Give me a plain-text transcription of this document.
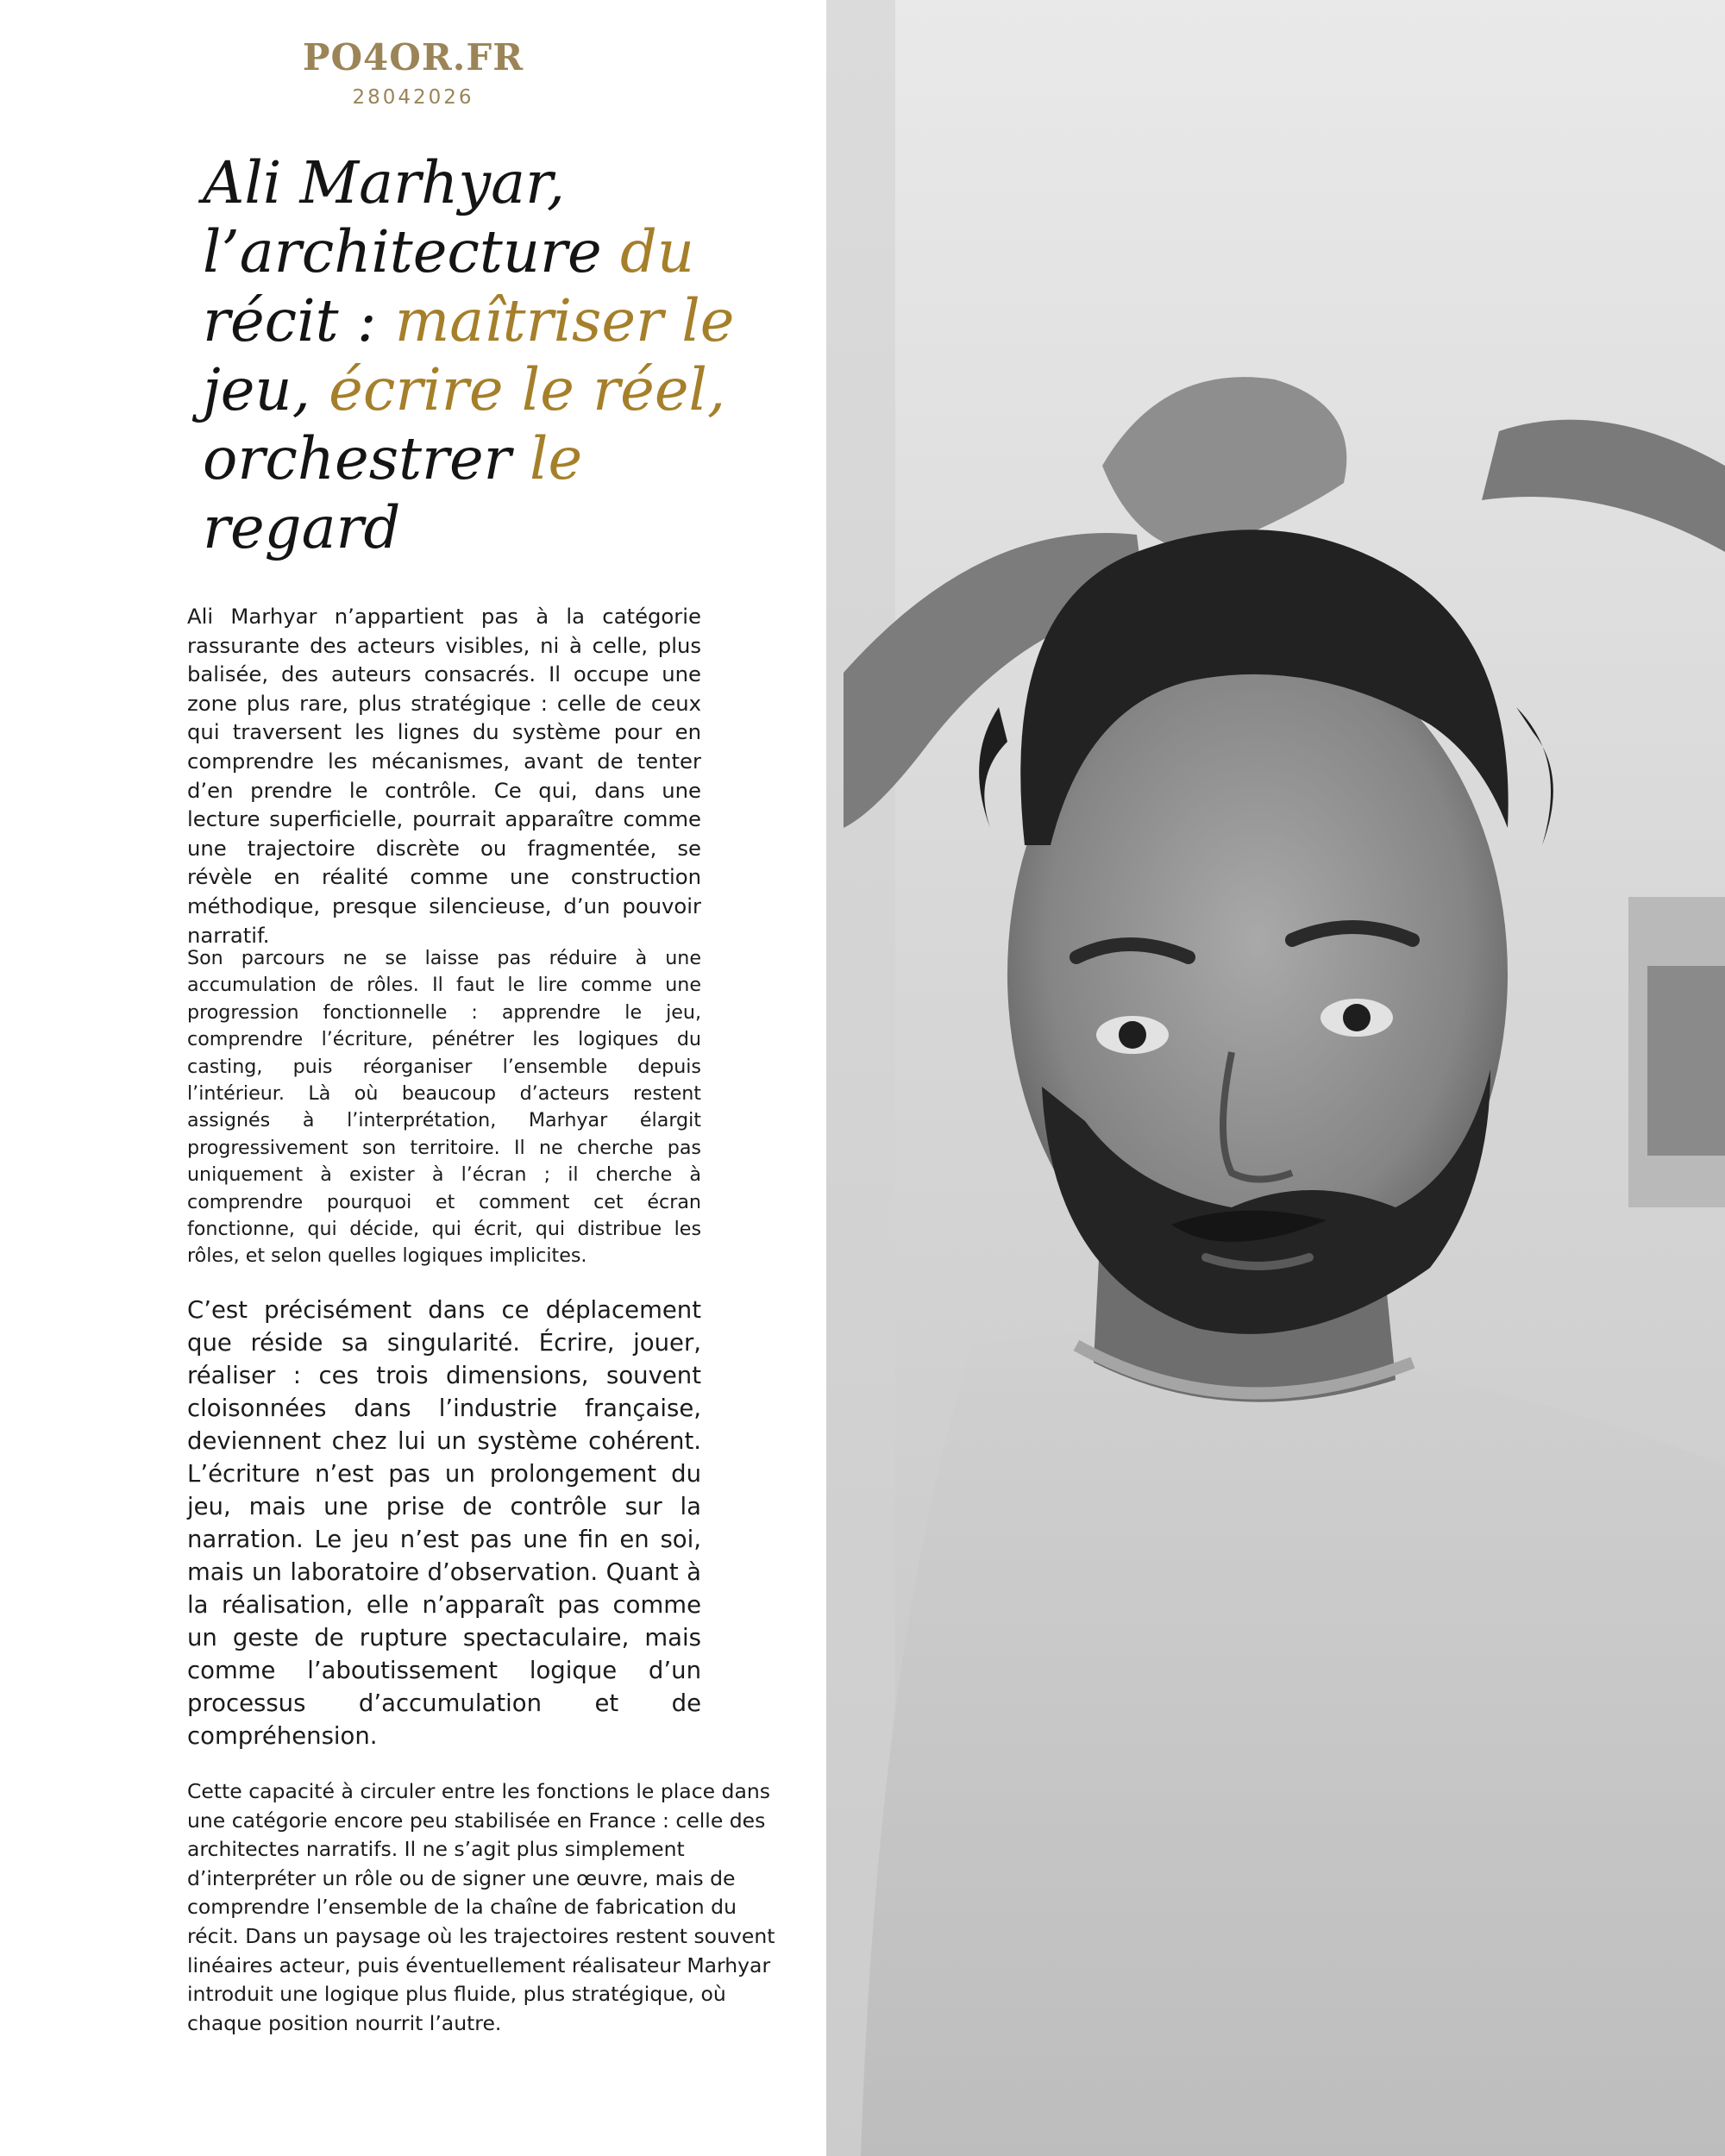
PO4OR.FR
28042026
Ali Marhyar,
l’architecture du
récit : maîtriser le
jeu, écrire le réel,
orchestrer le
regard

Ali Marhyar n’appartient pas à la catégorie rassurante des acteurs visibles, ni à celle, plus balisée, des auteurs consacrés. Il occupe une zone plus rare, plus stratégique : celle de ceux qui traversent les lignes du système pour en comprendre les mécanismes, avant de tenter d’en prendre le contrôle. Ce qui, dans une lecture superficielle, pourrait apparaître comme une trajectoire discrète ou fragmentée, se révèle en réalité comme une construction méthodique, presque silencieuse, d’un pouvoir narratif.

Son parcours ne se laisse pas réduire à une accumulation de rôles. Il faut le lire comme une progression fonctionnelle : apprendre le jeu, comprendre l’écriture, pénétrer les logiques du casting, puis réorganiser l’ensemble depuis l’intérieur. Là où beaucoup d’acteurs restent assignés à l’interprétation, Marhyar élargit progressivement son territoire. Il ne cherche pas uniquement à exister à l’écran ; il cherche à comprendre pourquoi et comment cet écran fonctionne, qui décide, qui écrit, qui distribue les rôles, et selon quelles logiques implicites.

C’est précisément dans ce déplacement que réside sa singularité. Écrire, jouer, réaliser : ces trois dimensions, souvent cloisonnées dans l’industrie française, deviennent chez lui un système cohérent. L’écriture n’est pas un prolongement du jeu, mais une prise de contrôle sur la narration. Le jeu n’est pas une fin en soi, mais un laboratoire d’observation. Quant à la réalisation, elle n’apparaît pas comme un geste de rupture spectaculaire, mais comme l’aboutissement logique d’un processus d’accumulation et de compréhension.

Cette capacité à circuler entre les fonctions le place dans une catégorie encore peu stabilisée en France : celle des architectes narratifs. Il ne s’agit plus simplement d’interpréter un rôle ou de signer une œuvre, mais de comprendre l’ensemble de la chaîne de fabrication du récit. Dans un paysage où les trajectoires restent souvent linéaires acteur, puis éventuellement réalisateur Marhyar introduit une logique plus fluide, plus stratégique, où chaque position nourrit l’autre.
